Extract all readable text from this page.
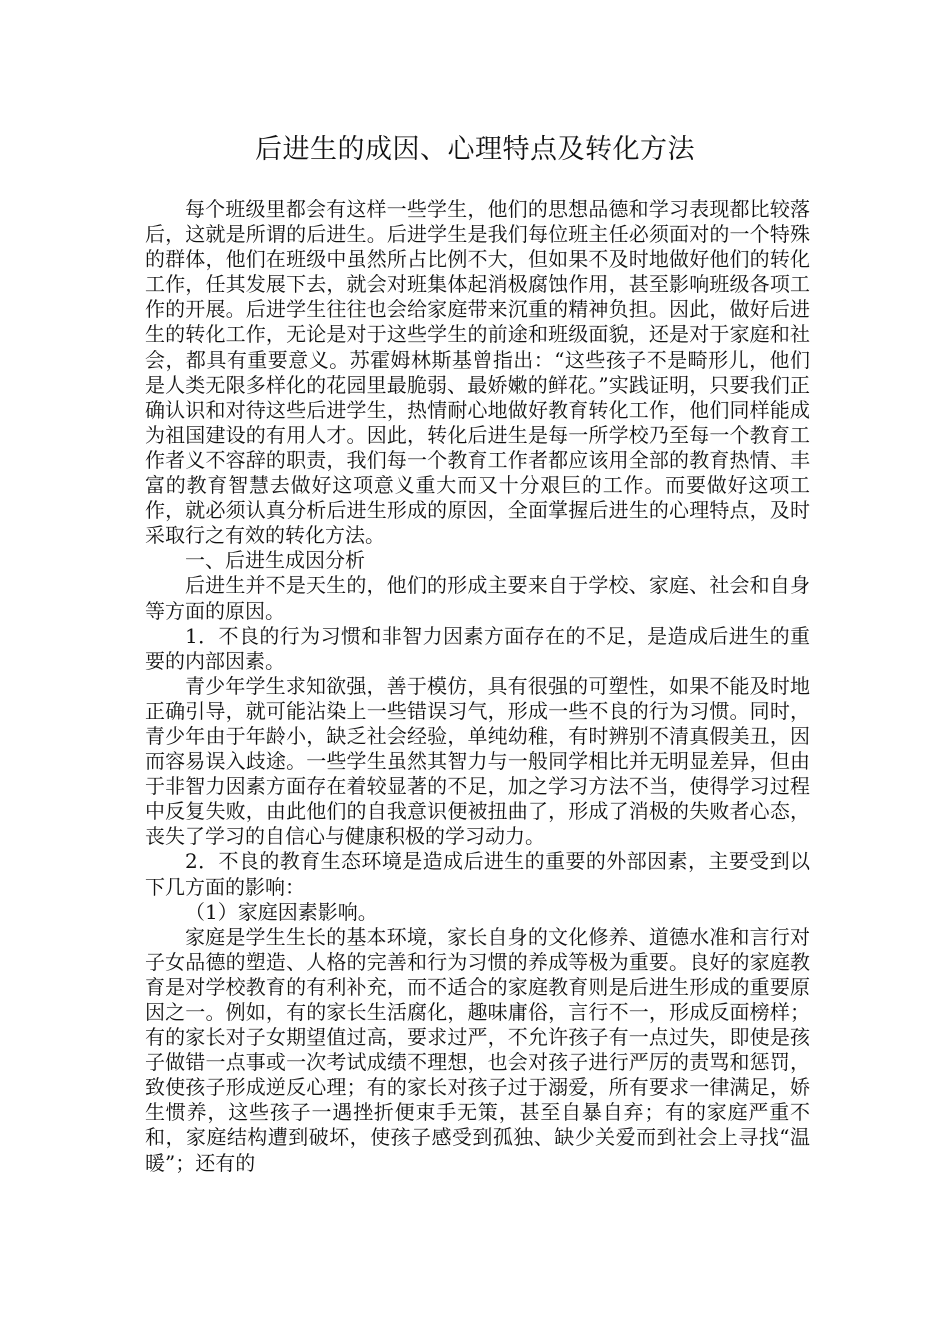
后进生的成因、心理特点及转化方法

每个班级里都会有这样一些学生，他们的思想品德和学习表现都比较落后，这就是所谓的后进生。后进学生是我们每位班主任必须面对的一个特殊的群体，他们在班级中虽然所占比例不大，但如果不及时地做好他们的转化工作，任其发展下去，就会对班集体起消极腐蚀作用，甚至影响班级各项工作的开展。后进学生往往也会给家庭带来沉重的精神负担。因此，做好后进生的转化工作，无论是对于这些学生的前途和班级面貌，还是对于家庭和社会，都具有重要意义。苏霍姆林斯基曾指出：“这些孩子不是畸形儿，他们是人类无限多样化的花园里最脆弱、最娇嫩的鲜花。”实践证明，只要我们正确认识和对待这些后进学生，热情耐心地做好教育转化工作，他们同样能成为祖国建设的有用人才。因此，转化后进生是每一所学校乃至每一个教育工作者义不容辞的职责，我们每一个教育工作者都应该用全部的教育热情、丰富的教育智慧去做好这项意义重大而又十分艰巨的工作。而要做好这项工作，就必须认真分析后进生形成的原因，全面掌握后进生的心理特点，及时采取行之有效的转化方法。

一、后进生成因分析

后进生并不是天生的，他们的形成主要来自于学校、家庭、社会和自身等方面的原因。

1．不良的行为习惯和非智力因素方面存在的不足，是造成后进生的重要的内部因素。

青少年学生求知欲强，善于模仿，具有很强的可塑性，如果不能及时地正确引导，就可能沾染上一些错误习气，形成一些不良的行为习惯。同时，青少年由于年龄小，缺乏社会经验，单纯幼稚，有时辨别不清真假美丑，因而容易误入歧途。一些学生虽然其智力与一般同学相比并无明显差异，但由于非智力因素方面存在着较显著的不足，加之学习方法不当，使得学习过程中反复失败，由此他们的自我意识便被扭曲了，形成了消极的失败者心态，丧失了学习的自信心与健康积极的学习动力。

2．不良的教育生态环境是造成后进生的重要的外部因素，主要受到以下几方面的影响：

（1）家庭因素影响。

家庭是学生生长的基本环境，家长自身的文化修养、道德水准和言行对子女品德的塑造、人格的完善和行为习惯的养成等极为重要。良好的家庭教育是对学校教育的有利补充，而不适合的家庭教育则是后进生形成的重要原因之一。例如，有的家长生活腐化，趣味庸俗，言行不一，形成反面榜样；有的家长对子女期望值过高，要求过严，不允许孩子有一点过失，即使是孩子做错一点事或一次考试成绩不理想，也会对孩子进行严厉的责骂和惩罚，致使孩子形成逆反心理；有的家长对孩子过于溺爱，所有要求一律满足，娇生惯养，这些孩子一遇挫折便束手无策，甚至自暴自弃；有的家庭严重不和，家庭结构遭到破坏，使孩子感受到孤独、缺少关爱而到社会上寻找“温暖”；还有的
